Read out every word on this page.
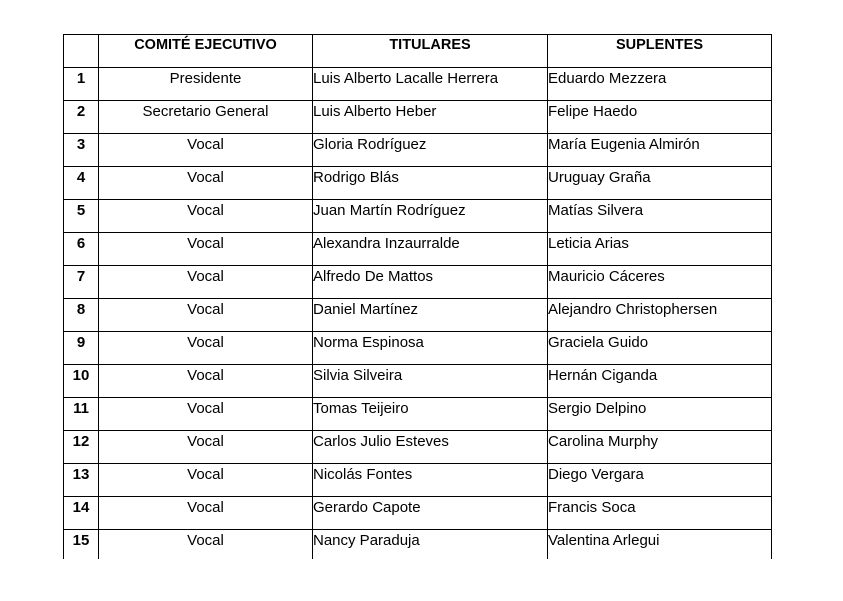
	COMITÉ EJECUTIVO	TITULARES	SUPLENTES
1	Presidente	Luis Alberto Lacalle Herrera	Eduardo Mezzera
2	Secretario General	Luis Alberto Heber	Felipe Haedo
3	Vocal	Gloria Rodríguez	María Eugenia Almirón
4	Vocal	Rodrigo Blás	Uruguay Graña
5	Vocal	Juan Martín Rodríguez	Matías Silvera
6	Vocal	Alexandra Inzaurralde	Leticia Arias
7	Vocal	Alfredo De Mattos	Mauricio Cáceres
8	Vocal	Daniel Martínez	Alejandro Christophersen
9	Vocal	Norma Espinosa	Graciela Guido
10	Vocal	Silvia Silveira	Hernán Ciganda
11	Vocal	Tomas Teijeiro	Sergio Delpino
12	Vocal	Carlos Julio Esteves	Carolina Murphy
13	Vocal	Nicolás Fontes	Diego Vergara
14	Vocal	Gerardo Capote	Francis Soca
15	Vocal	Nancy Paraduja	Valentina Arlegui
